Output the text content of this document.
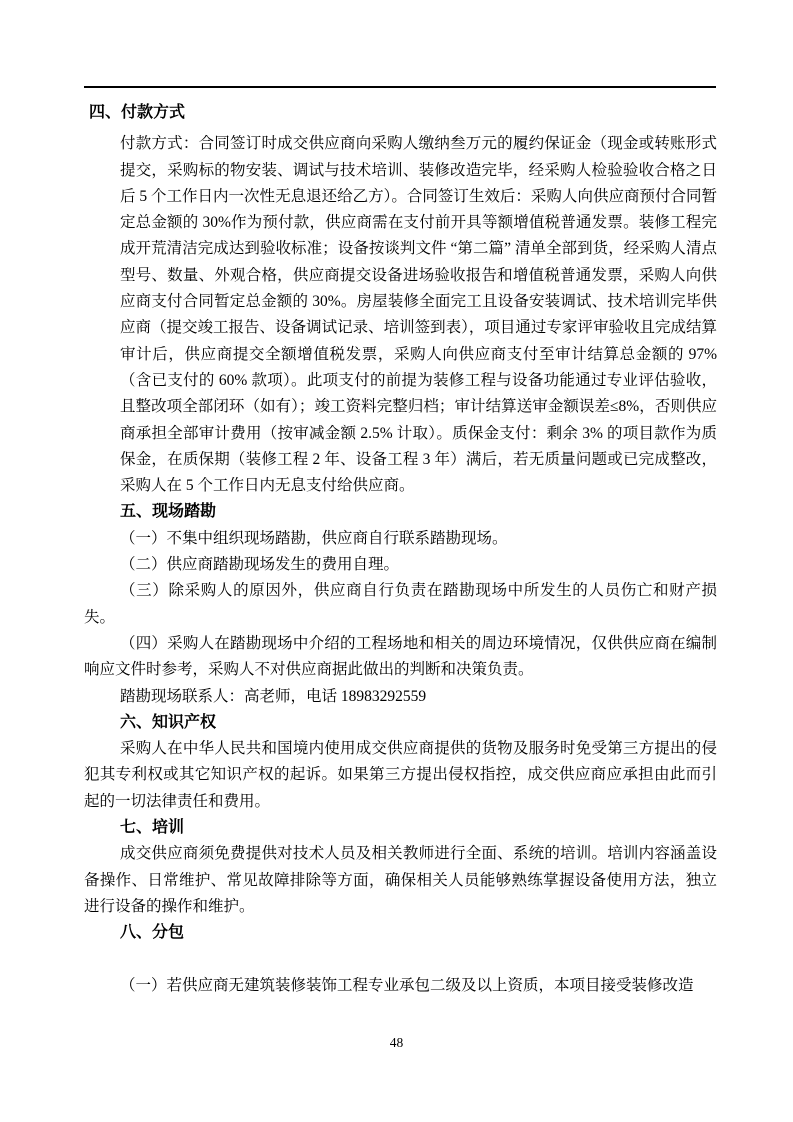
四、付款方式

付款方式：合同签订时成交供应商向采购人缴纳叁万元的履约保证金（现金或转账形式提交，采购标的物安装、调试与技术培训、装修改造完毕，经采购人检验验收合格之日后 5 个工作日内一次性无息退还给乙方）。合同签订生效后：采购人向供应商预付合同暂定总金额的 30%作为预付款，供应商需在支付前开具等额增值税普通发票。装修工程完成开荒清洁完成达到验收标准；设备按谈判文件 “第二篇” 清单全部到货，经采购人清点型号、数量、外观合格，供应商提交设备进场验收报告和增值税普通发票，采购人向供应商支付合同暂定总金额的 30%。房屋装修全面完工且设备安装调试、技术培训完毕供应商（提交竣工报告、设备调试记录、培训签到表），项目通过专家评审验收且完成结算审计后，供应商提交全额增值税发票，采购人向供应商支付至审计结算总金额的 97%（含已支付的 60% 款项）。此项支付的前提为装修工程与设备功能通过专业评估验收，且整改项全部闭环（如有）；竣工资料完整归档；审计结算送审金额误差≤8%，否则供应商承担全部审计费用（按审减金额 2.5% 计取）。质保金支付：剩余 3% 的项目款作为质保金，在质保期（装修工程 2 年、设备工程 3 年）满后，若无质量问题或已完成整改，采购人在 5 个工作日内无息支付给供应商。

五、现场踏勘

（一）不集中组织现场踏勘，供应商自行联系踏勘现场。

（二）供应商踏勘现场发生的费用自理。

（三）除采购人的原因外，供应商自行负责在踏勘现场中所发生的人员伤亡和财产损失。

（四）采购人在踏勘现场中介绍的工程场地和相关的周边环境情况，仅供供应商在编制响应文件时参考，采购人不对供应商据此做出的判断和决策负责。

踏勘现场联系人：高老师，电话 18983292559

六、知识产权

采购人在中华人民共和国境内使用成交供应商提供的货物及服务时免受第三方提出的侵犯其专利权或其它知识产权的起诉。如果第三方提出侵权指控，成交供应商应承担由此而引起的一切法律责任和费用。

七、培训

成交供应商须免费提供对技术人员及相关教师进行全面、系统的培训。培训内容涵盖设备操作、日常维护、常见故障排除等方面，确保相关人员能够熟练掌握设备使用方法，独立进行设备的操作和维护。

八、分包

（一）若供应商无建筑装修装饰工程专业承包二级及以上资质，本项目接受装修改造

48
